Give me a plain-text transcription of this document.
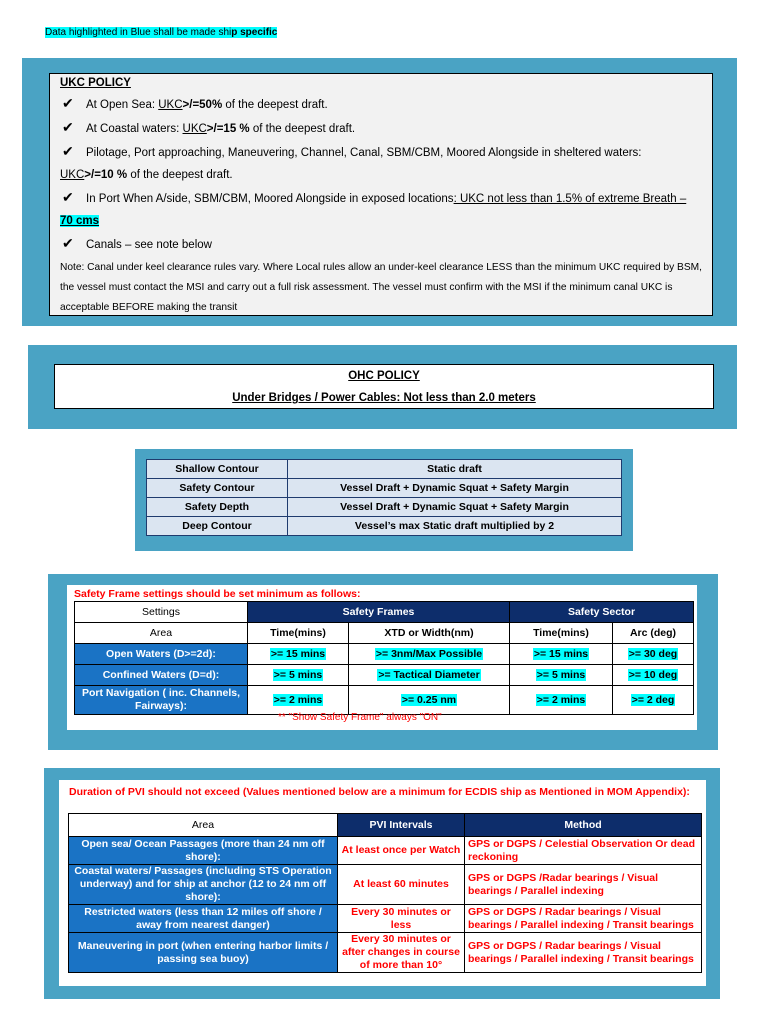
Data highlighted in Blue shall be made ship specific
UKC POLICY
✔ At Open Sea: UKC>/=50% of the deepest draft.
✔ At Coastal waters: UKC>/=15 % of the deepest draft.
✔ Pilotage, Port approaching, Maneuvering, Channel, Canal, SBM/CBM, Moored Alongside in sheltered waters:
UKC>/=10 % of the deepest draft.
✔ In Port When A/side, SBM/CBM, Moored Alongside in exposed locations: UKC not less than 1.5% of extreme Breath –
70 cms
✔ Canals – see note below
Note: Canal under keel clearance rules vary. Where Local rules allow an under-keel clearance LESS than the minimum UKC required by BSM, the vessel must contact the MSI and carry out a full risk assessment. The vessel must confirm with the MSI if the minimum canal UKC is acceptable BEFORE making the transit
OHC POLICY
Under Bridges / Power Cables: Not less than 2.0 meters
Shallow Contour	Static draft
Safety Contour	Vessel Draft + Dynamic Squat + Safety Margin
Safety Depth	Vessel Draft + Dynamic Squat + Safety Margin
Deep Contour	Vessel’s max Static draft multiplied by 2
Safety Frame settings should be set minimum as follows:
Settings	Safety Frames		Safety Sector	
Area	Time(mins)	XTD or Width(nm)	Time(mins)	Arc (deg)
Open Waters (D>=2d):	>= 15 mins	>= 3nm/Max Possible	>= 15 mins	>= 30 deg
Confined Waters (D=d):	>= 5 mins	>= Tactical Diameter	>= 5 mins	>= 10 deg
Port Navigation ( inc. Channels, Fairways):	>= 2 mins	>= 0.25 nm	>= 2 mins	>= 2 deg
** "Show Safety Frame" always "ON"
Duration of PVI should not exceed (Values mentioned below are a minimum for ECDIS ship as Mentioned in MOM Appendix):
Area	PVI Intervals	Method
Open sea/ Ocean Passages (more than 24 nm off shore):	At least once per Watch	GPS or DGPS / Celestial Observation Or dead reckoning
Coastal waters/ Passages (including STS Operation underway) and for ship at anchor (12 to 24 nm off shore):	At least 60 minutes	GPS or DGPS /Radar bearings / Visual bearings / Parallel indexing
Restricted waters (less than 12 miles off shore / away from nearest danger)	Every 30 minutes or less	GPS or DGPS / Radar bearings / Visual bearings / Parallel indexing / Transit bearings
Maneuvering in port (when entering harbor limits / passing sea buoy)	Every 30 minutes or after changes in course of more than 10°	GPS or DGPS / Radar bearings / Visual bearings / Parallel indexing / Transit bearings
